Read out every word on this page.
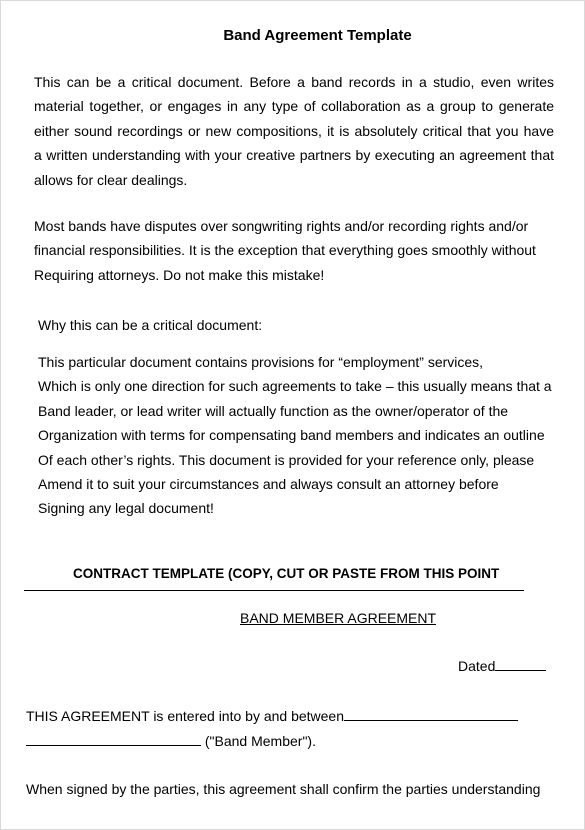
Band Agreement Template

This can be a critical document. Before a band records in a studio, even writes
material together, or engages in any type of collaboration as a group to generate
either sound recordings or new compositions, it is absolutely critical that you have
a written understanding with your creative partners by executing an agreement that
allows for clear dealings.

Most bands have disputes over songwriting rights and/or recording rights and/or
financial responsibilities. It is the exception that everything goes smoothly without
Requiring attorneys. Do not make this mistake!

Why this can be a critical document:

This particular document contains provisions for “employment” services,
Which is only one direction for such agreements to take – this usually means that a
Band leader, or lead writer will actually function as the owner/operator of the
Organization with terms for compensating band members and indicates an outline
Of each other’s rights. This document is provided for your reference only, please
Amend it to suit your circumstances and always consult an attorney before
Signing any legal document!

CONTRACT TEMPLATE (COPY, CUT OR PASTE FROM THIS POINT
BAND MEMBER AGREEMENT
Dated
THIS AGREEMENT is entered into by and between
("Band Member").
When signed by the parties, this agreement shall confirm the parties understanding
